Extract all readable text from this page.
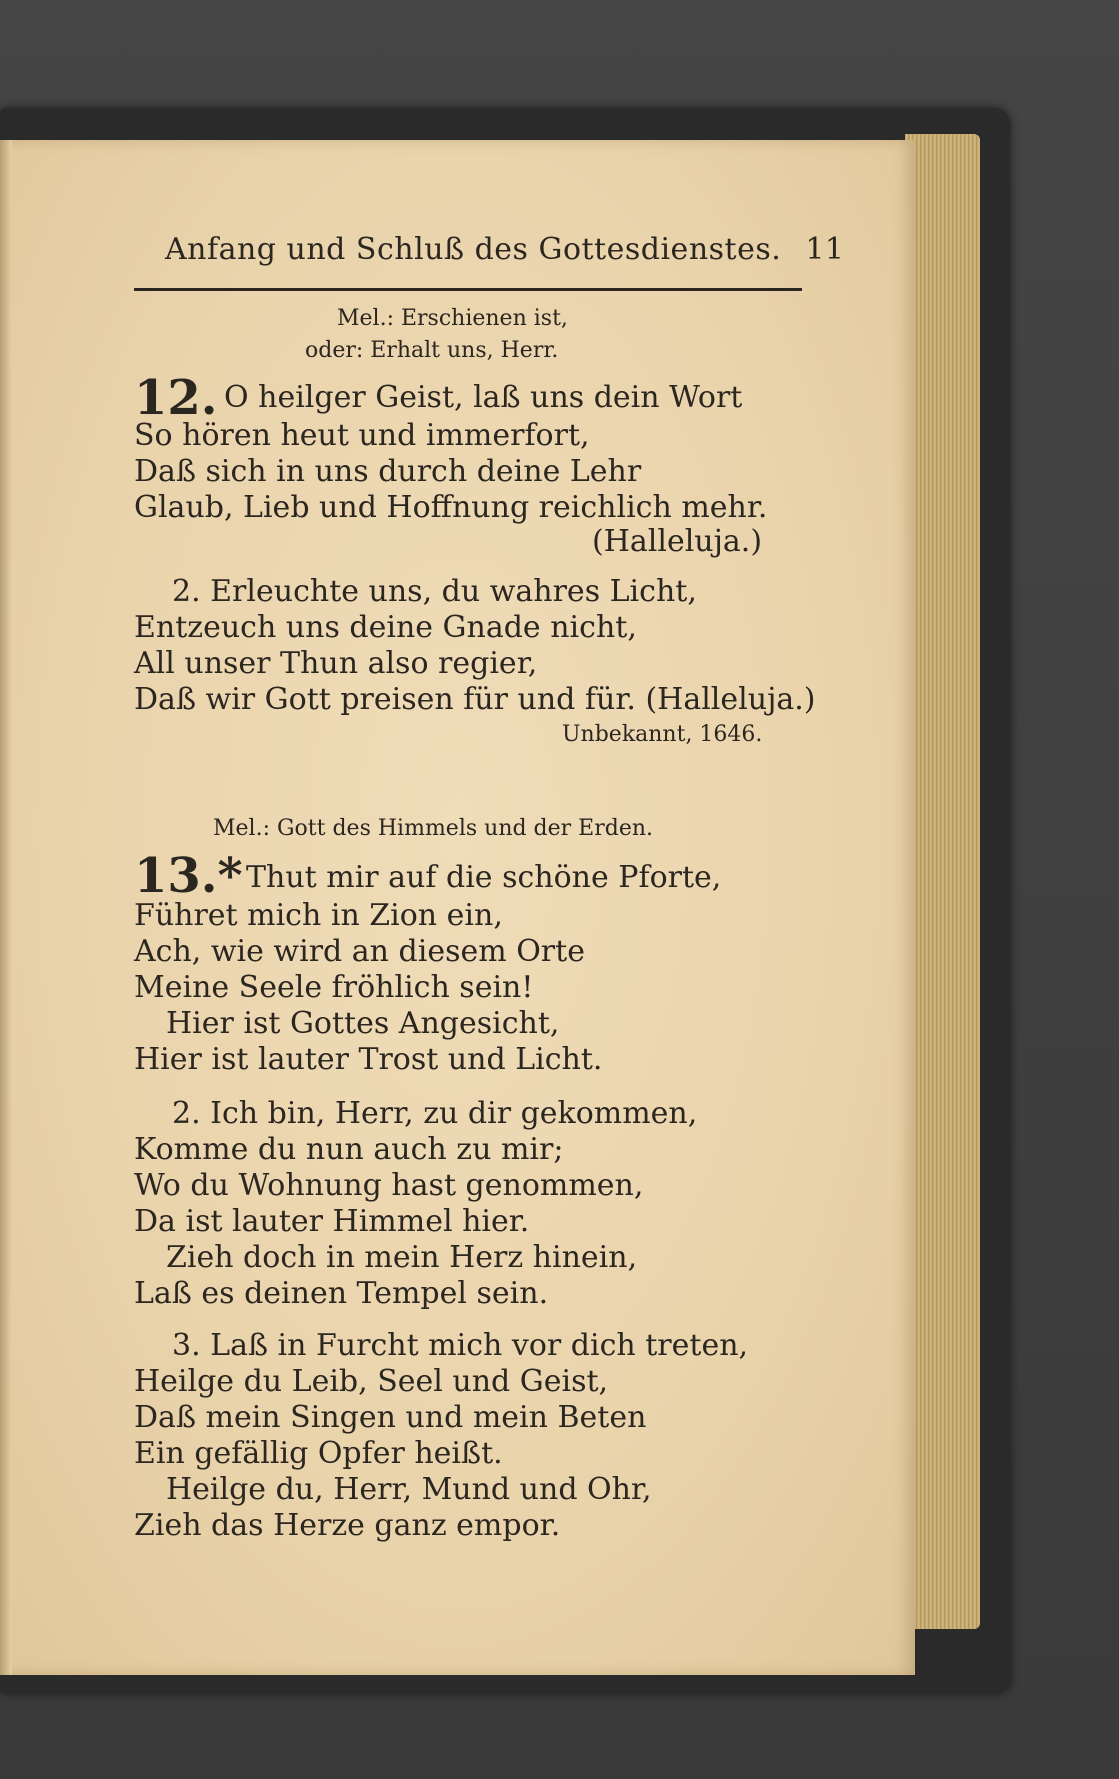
Anfang und Schluß des Gottesdienstes. 11
Mel.: Erschienen ist,
oder: Erhalt uns, Herr.
12. O heilger Geist, laß uns dein Wort
So hören heut und immerfort,
Daß sich in uns durch deine Lehr
Glaub, Lieb und Hoffnung reichlich mehr.
(Halleluja.)
2. Erleuchte uns, du wahres Licht,
Entzeuch uns deine Gnade nicht,
All unser Thun also regier,
Daß wir Gott preisen für und für. (Halleluja.)
Unbekannt, 1646.
Mel.: Gott des Himmels und der Erden.
13.* Thut mir auf die schöne Pforte,
Führet mich in Zion ein,
Ach, wie wird an diesem Orte
Meine Seele fröhlich sein!
Hier ist Gottes Angesicht,
Hier ist lauter Trost und Licht.
2. Ich bin, Herr, zu dir gekommen,
Komme du nun auch zu mir;
Wo du Wohnung hast genommen,
Da ist lauter Himmel hier.
Zieh doch in mein Herz hinein,
Laß es deinen Tempel sein.
3. Laß in Furcht mich vor dich treten,
Heilge du Leib, Seel und Geist,
Daß mein Singen und mein Beten
Ein gefällig Opfer heißt.
Heilge du, Herr, Mund und Ohr,
Zieh das Herze ganz empor.
